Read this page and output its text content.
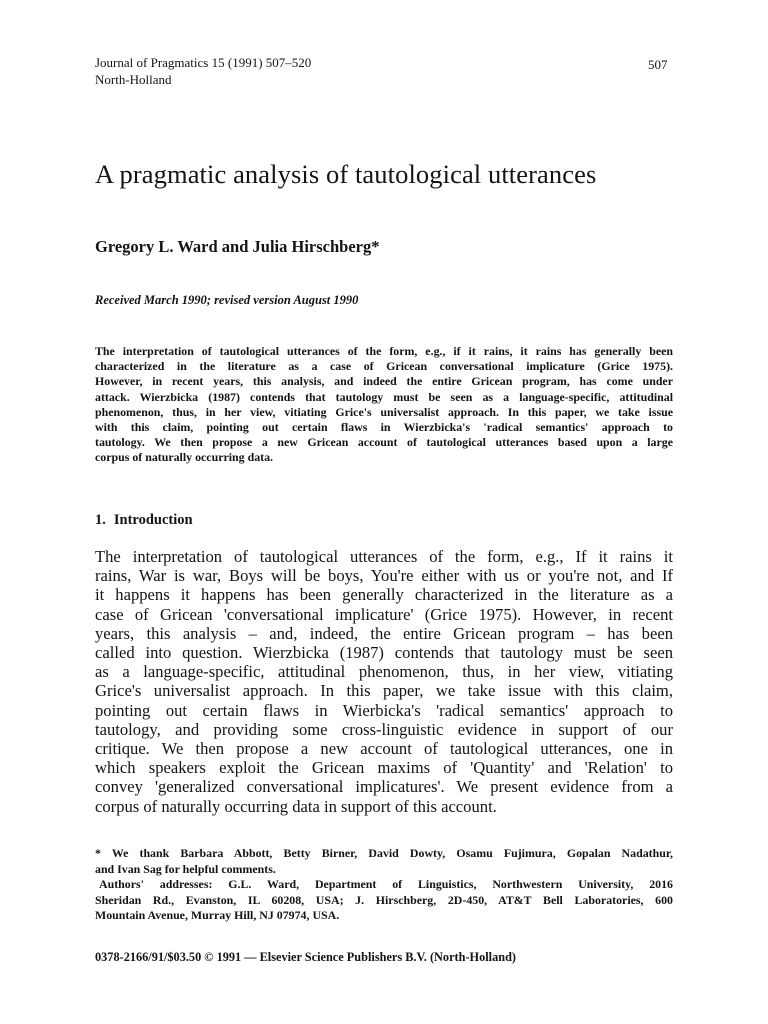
Journal of Pragmatics 15 (1991) 507–520
North-Holland
507
A pragmatic analysis of tautological utterances
Gregory L. Ward and Julia Hirschberg*
Received March 1990; revised version August 1990
The interpretation of tautological utterances of the form, e.g., if it rains, it rains has generally been
characterized in the literature as a case of Gricean conversational implicature (Grice 1975).
However, in recent years, this analysis, and indeed the entire Gricean program, has come under
attack. Wierzbicka (1987) contends that tautology must be seen as a language-specific, attitudinal
phenomenon, thus, in her view, vitiating Grice's universalist approach. In this paper, we take issue
with this claim, pointing out certain flaws in Wierzbicka's 'radical semantics' approach to
tautology. We then propose a new Gricean account of tautological utterances based upon a large
corpus of naturally occurring data.
1. Introduction
The interpretation of tautological utterances of the form, e.g., If it rains it
rains, War is war, Boys will be boys, You're either with us or you're not, and If
it happens it happens has been generally characterized in the literature as a
case of Gricean 'conversational implicature' (Grice 1975). However, in recent
years, this analysis – and, indeed, the entire Gricean program – has been
called into question. Wierzbicka (1987) contends that tautology must be seen
as a language-specific, attitudinal phenomenon, thus, in her view, vitiating
Grice's universalist approach. In this paper, we take issue with this claim,
pointing out certain flaws in Wierbicka's 'radical semantics' approach to
tautology, and providing some cross-linguistic evidence in support of our
critique. We then propose a new account of tautological utterances, one in
which speakers exploit the Gricean maxims of 'Quantity' and 'Relation' to
convey 'generalized conversational implicatures'. We present evidence from a
corpus of naturally occurring data in support of this account.
* We thank Barbara Abbott, Betty Birner, David Dowty, Osamu Fujimura, Gopalan Nadathur,
and Ivan Sag for helpful comments.
Authors' addresses: G.L. Ward, Department of Linguistics, Northwestern University, 2016
Sheridan Rd., Evanston, IL 60208, USA; J. Hirschberg, 2D-450, AT&T Bell Laboratories, 600
Mountain Avenue, Murray Hill, NJ 07974, USA.
0378-2166/91/$03.50 © 1991 — Elsevier Science Publishers B.V. (North-Holland)
